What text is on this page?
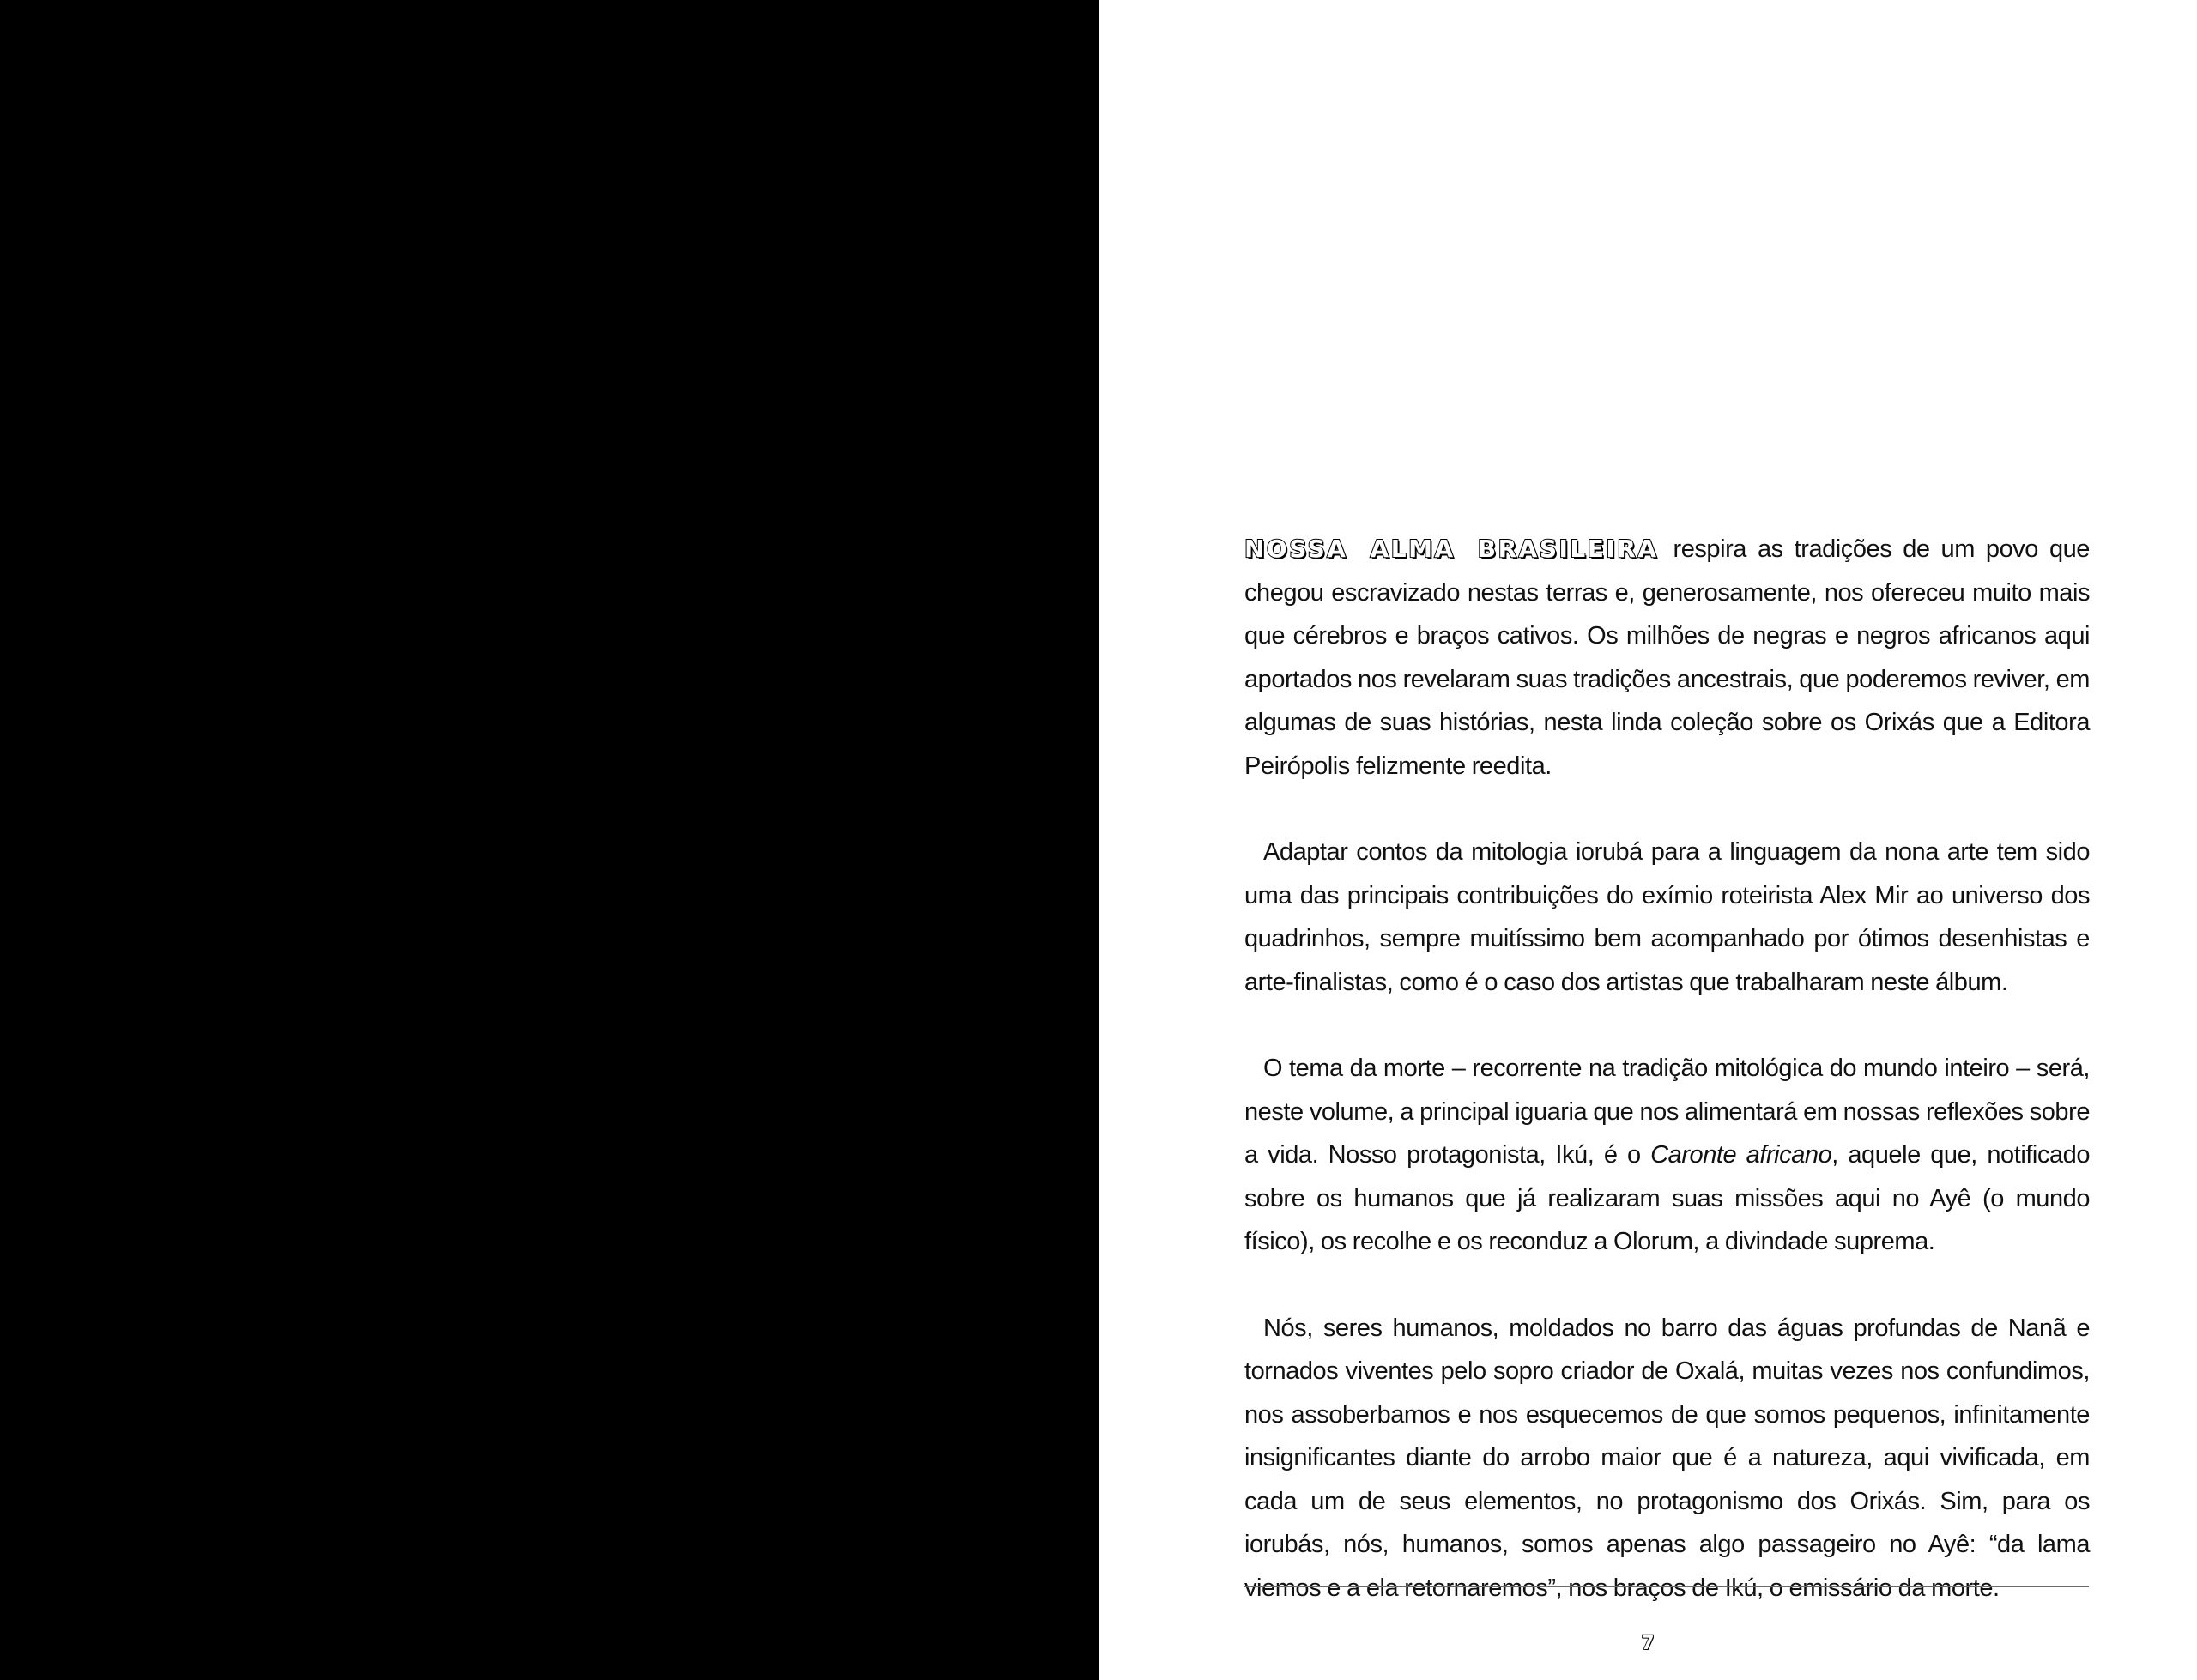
NOSSA ALMA BRASILEIRA respira as tradições de um povo que chegou escravizado nestas terras e, generosamente, nos ofereceu muito mais que cérebros e braços cativos. Os milhões de negras e negros africanos aqui aportados nos revelaram suas tradições ancestrais, que poderemos reviver, em algumas de suas histórias, nesta linda coleção sobre os Orixás que a Editora Peirópolis felizmente reedita.

Adaptar contos da mitologia iorubá para a linguagem da nona arte tem sido uma das principais contribuições do exímio roteirista Alex Mir ao universo dos quadrinhos, sempre muitíssimo bem acompanhado por ótimos desenhistas e arte-finalistas, como é o caso dos artistas que trabalharam neste álbum.

O tema da morte – recorrente na tradição mitológica do mundo inteiro – será, neste volume, a principal iguaria que nos alimentará em nossas reflexões sobre a vida. Nosso protagonista, Ikú, é o Caronte africano, aquele que, notificado sobre os humanos que já realizaram suas missões aqui no Ayê (o mundo físico), os recolhe e os reconduz a Olorum, a divindade suprema.

Nós, seres humanos, moldados no barro das águas profundas de Nanã e tornados viventes pelo sopro criador de Oxalá, muitas vezes nos confundimos, nos assoberbamos e nos esquecemos de que somos pequenos, infinitamente insignificantes diante do arrobo maior que é a natureza, aqui vivificada, em cada um de seus elementos, no protagonismo dos Orixás. Sim, para os iorubás, nós, humanos, somos apenas algo passageiro no Ayê: “da lama viemos e a ela retornaremos”, nos braços de Ikú, o emissário da morte.

7
